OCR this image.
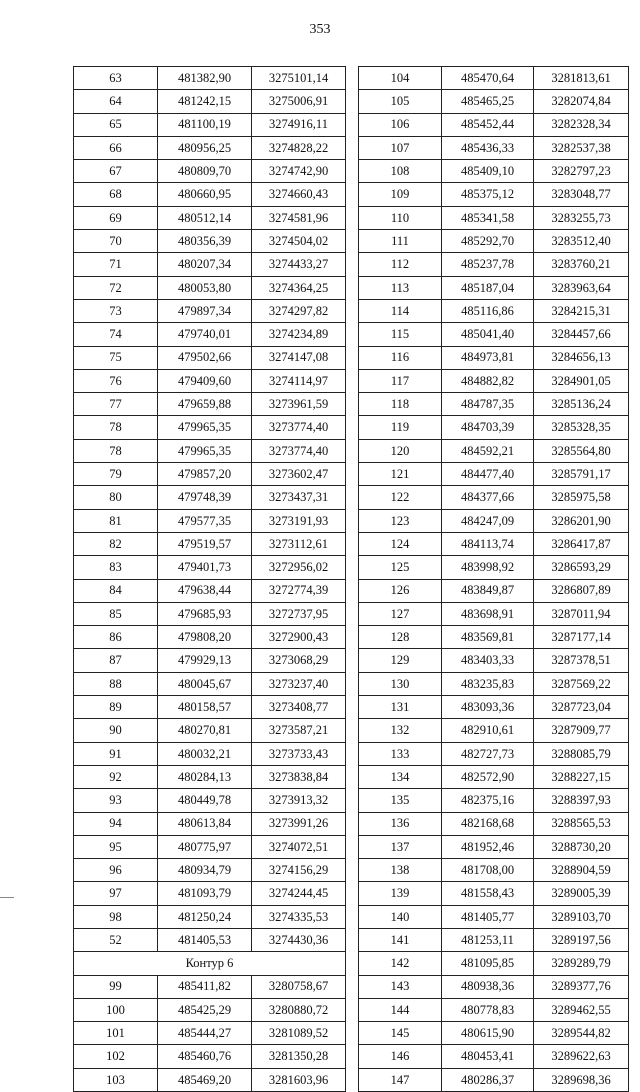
353
63	481382,90	3275101,14
64	481242,15	3275006,91
65	481100,19	3274916,11
66	480956,25	3274828,22
67	480809,70	3274742,90
68	480660,95	3274660,43
69	480512,14	3274581,96
70	480356,39	3274504,02
71	480207,34	3274433,27
72	480053,80	3274364,25
73	479897,34	3274297,82
74	479740,01	3274234,89
75	479502,66	3274147,08
76	479409,60	3274114,97
77	479659,88	3273961,59
78	479965,35	3273774,40
78	479965,35	3273774,40
79	479857,20	3273602,47
80	479748,39	3273437,31
81	479577,35	3273191,93
82	479519,57	3273112,61
83	479401,73	3272956,02
84	479638,44	3272774,39
85	479685,93	3272737,95
86	479808,20	3272900,43
87	479929,13	3273068,29
88	480045,67	3273237,40
89	480158,57	3273408,77
90	480270,81	3273587,21
91	480032,21	3273733,43
92	480284,13	3273838,84
93	480449,78	3273913,32
94	480613,84	3273991,26
95	480775,97	3274072,51
96	480934,79	3274156,29
97	481093,79	3274244,45
98	481250,24	3274335,53
52	481405,53	3274430,36
Контур 6		
99	485411,82	3280758,67
100	485425,29	3280880,72
101	485444,27	3281089,52
102	485460,76	3281350,28
103	485469,20	3281603,96
104	485470,64	3281813,61
105	485465,25	3282074,84
106	485452,44	3282328,34
107	485436,33	3282537,38
108	485409,10	3282797,23
109	485375,12	3283048,77
110	485341,58	3283255,73
111	485292,70	3283512,40
112	485237,78	3283760,21
113	485187,04	3283963,64
114	485116,86	3284215,31
115	485041,40	3284457,66
116	484973,81	3284656,13
117	484882,82	3284901,05
118	484787,35	3285136,24
119	484703,39	3285328,35
120	484592,21	3285564,80
121	484477,40	3285791,17
122	484377,66	3285975,58
123	484247,09	3286201,90
124	484113,74	3286417,87
125	483998,92	3286593,29
126	483849,87	3286807,89
127	483698,91	3287011,94
128	483569,81	3287177,14
129	483403,33	3287378,51
130	483235,83	3287569,22
131	483093,36	3287723,04
132	482910,61	3287909,77
133	482727,73	3288085,79
134	482572,90	3288227,15
135	482375,16	3288397,93
136	482168,68	3288565,53
137	481952,46	3288730,20
138	481708,00	3288904,59
139	481558,43	3289005,39
140	481405,77	3289103,70
141	481253,11	3289197,56
142	481095,85	3289289,79
143	480938,36	3289377,76
144	480778,83	3289462,55
145	480615,90	3289544,82
146	480453,41	3289622,63
147	480286,37	3289698,36
